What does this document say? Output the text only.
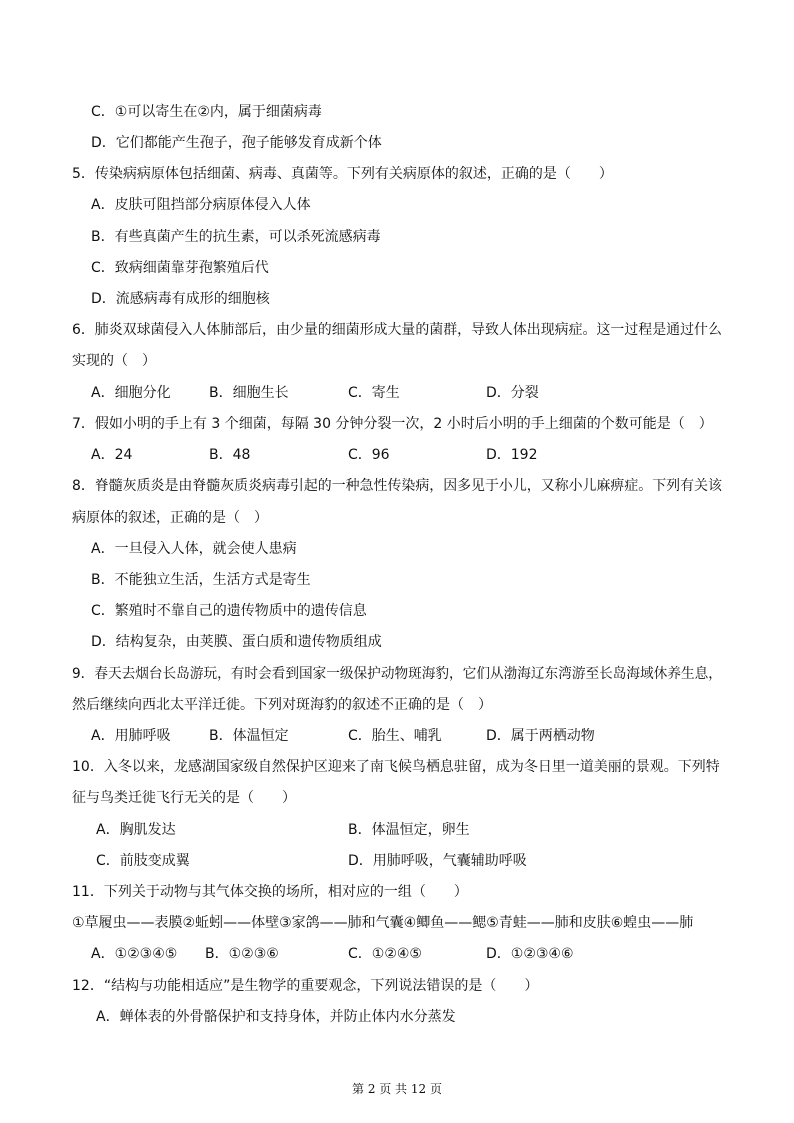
C．①可以寄生在②内，属于细菌病毒
D．它们都能产生孢子，孢子能够发育成新个体
5．传染病病原体包括细菌、病毒、真菌等。下列有关病原体的叙述，正确的是（　　）
A．皮肤可阻挡部分病原体侵入人体
B．有些真菌产生的抗生素，可以杀死流感病毒
C．致病细菌靠芽孢繁殖后代
D．流感病毒有成形的细胞核
6．肺炎双球菌侵入人体肺部后，由少量的细菌形成大量的菌群，导致人体出现病症。这一过程是通过什么
实现的（　）
A．细胞分化	B．细胞生长	C．寄生	D．分裂
7．假如小明的手上有 3 个细菌，每隔 30 分钟分裂一次，2 小时后小明的手上细菌的个数可能是（　）
A．24	B．48	C．96	D．192
8．脊髓灰质炎是由脊髓灰质炎病毒引起的一种急性传染病，因多见于小儿，又称小儿麻痹症。下列有关该
病原体的叙述，正确的是（　）
A．一旦侵入人体，就会使人患病
B．不能独立生活，生活方式是寄生
C．繁殖时不靠自己的遗传物质中的遗传信息
D．结构复杂，由荚膜、蛋白质和遗传物质组成
9．春天去烟台长岛游玩，有时会看到国家一级保护动物斑海豹，它们从渤海辽东湾游至长岛海域休养生息，
然后继续向西北太平洋迁徙。下列对斑海豹的叙述不正确的是（　）
A．用肺呼吸	B．体温恒定	C．胎生、哺乳	D．属于两栖动物
10．入冬以来，龙感湖国家级自然保护区迎来了南飞候鸟栖息驻留，成为冬日里一道美丽的景观。下列特
征与鸟类迁徙飞行无关的是（　　）
A．胸肌发达	B．体温恒定，卵生
C．前肢变成翼	D．用肺呼吸，气囊辅助呼吸
11．下列关于动物与其气体交换的场所，相对应的一组（　　）
①草履虫——表膜②蚯蚓——体壁③家鸽——肺和气囊④鲫鱼——鳃⑤青蛙——肺和皮肤⑥蝗虫——肺
A．①②③④⑤ B．①②③⑥	C．①②④⑤	D．①②③④⑥
12．“结构与功能相适应”是生物学的重要观念，下列说法错误的是（　　）
A．蝉体表的外骨骼保护和支持身体，并防止体内水分蒸发
第 2 页 共 12 页
